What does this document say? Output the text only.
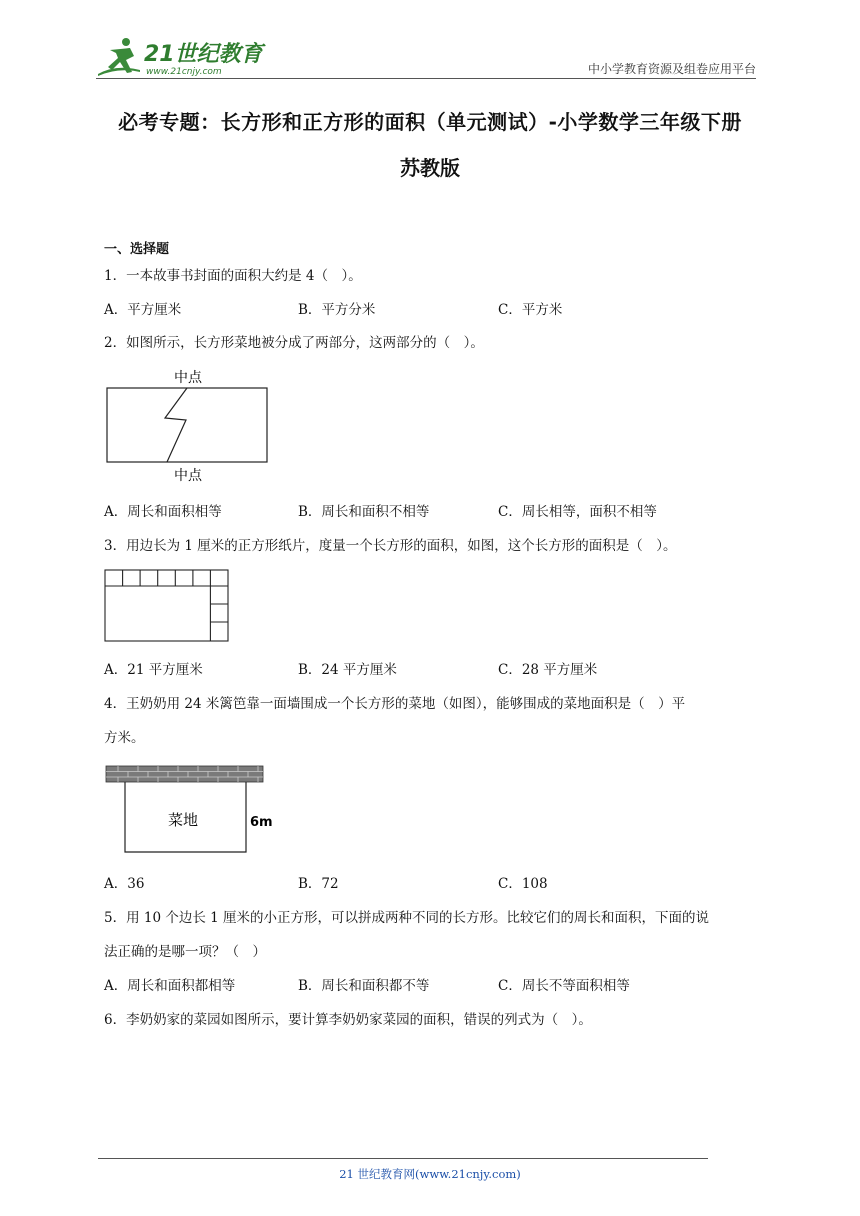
21世纪教育
www.21cnjy.com	中小学教育资源及组卷应用平台
必考专题：长方形和正方形的面积（单元测试）-小学数学三年级下册
苏教版
一、选择题
1．一本故事书封面的面积大约是 4（　）。
A．平方厘米	B．平方分米	C．平方米
2．如图所示，长方形菜地被分成了两部分，这两部分的（　）。
中点
中点
A．周长和面积相等	B．周长和面积不相等	C．周长相等，面积不相等
3．用边长为 1 厘米的正方形纸片，度量一个长方形的面积，如图，这个长方形的面积是（　）。
A．21 平方厘米	B．24 平方厘米	C．28 平方厘米
4．王奶奶用 24 米篱笆靠一面墙围成一个长方形的菜地（如图），能够围成的菜地面积是（　）平
方米。
菜地	6m
A．36	B．72	C．108
5．用 10 个边长 1 厘米的小正方形，可以拼成两种不同的长方形。比较它们的周长和面积，下面的说
法正确的是哪一项？（　）
A．周长和面积都相等	B．周长和面积都不等	C．周长不等面积相等
6．李奶奶家的菜园如图所示，要计算李奶奶家菜园的面积，错误的列式为（　）。
21 世纪教育网(www.21cnjy.com)
